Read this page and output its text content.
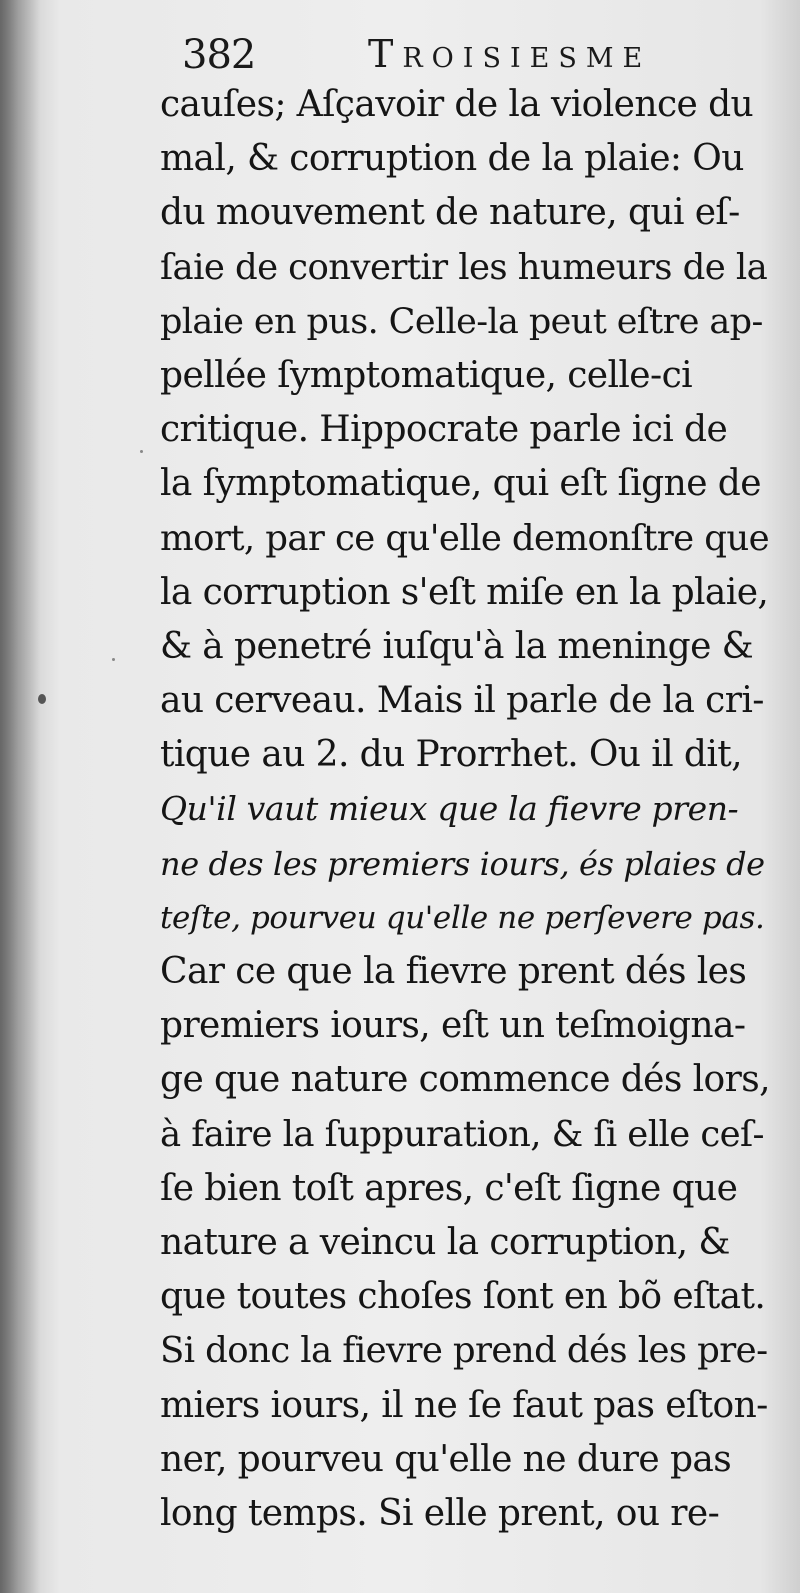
382	Troisiesme
cauſes; Aſçavoir de la violence du
mal, & corruption de la plaie: Ou
du mouvement de nature, qui eſ-
ſaie de convertir les humeurs de la
plaie en pus. Celle-la peut eſtre ap-
pellée ſymptomatique, celle-ci
critique. Hippocrate parle ici de
la ſymptomatique, qui eſt ſigne de
mort, par ce qu'elle demonſtre que
la corruption s'eſt miſe en la plaie,
& à penetré iuſqu'à la meninge &
au cerveau. Mais il parle de la cri-
tique au 2. du Prorrhet. Ou il dit,
Qu'il vaut mieux que la fievre pren-
ne des les premiers iours, és plaies de
teſte, pourveu qu'elle ne perſevere pas.
Car ce que la fievre prent dés les
premiers iours, eſt un teſmoigna-
ge que nature commence dés lors,
à faire la ſuppuration, & ſi elle ceſ-
ſe bien toſt apres, c'eſt ſigne que
nature a veincu la corruption, &
que toutes choſes ſont en bõ eſtat.
Si donc la fievre prend dés les pre-
miers iours, il ne ſe faut pas eſton-
ner, pourveu qu'elle ne dure pas
long temps. Si elle prent, ou re-
